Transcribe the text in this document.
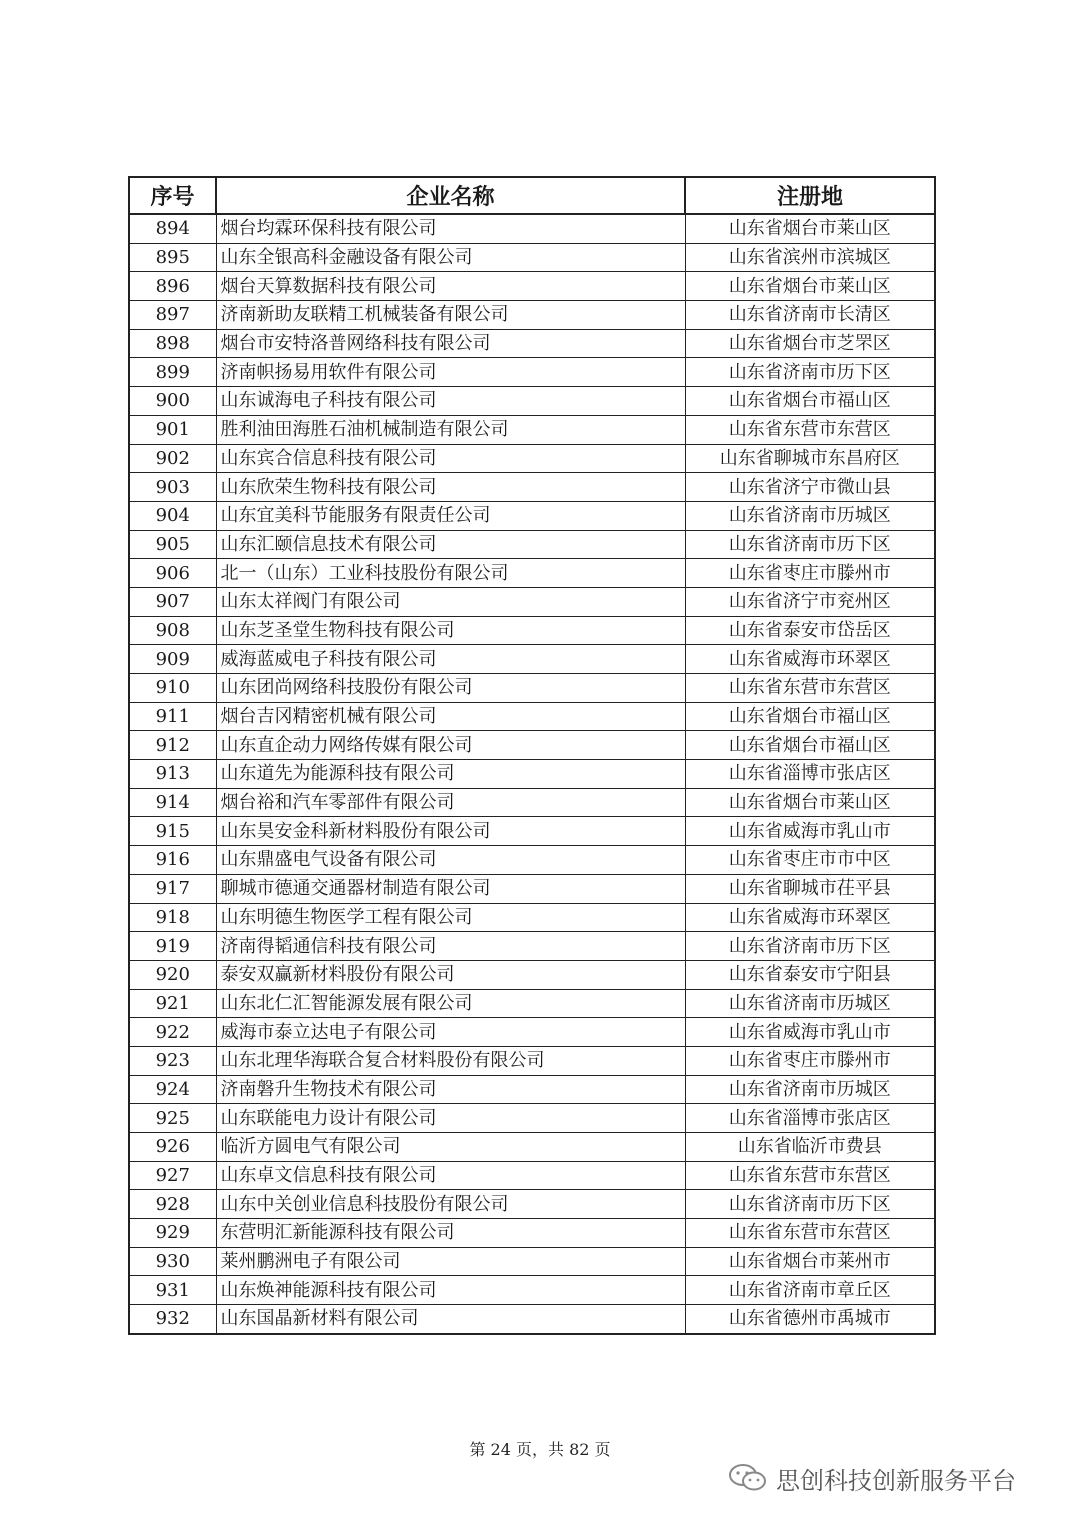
序号	企业名称	注册地
894	烟台均霖环保科技有限公司	山东省烟台市莱山区
895	山东全银高科金融设备有限公司	山东省滨州市滨城区
896	烟台天算数据科技有限公司	山东省烟台市莱山区
897	济南新助友联精工机械装备有限公司	山东省济南市长清区
898	烟台市安特洛普网络科技有限公司	山东省烟台市芝罘区
899	济南帜扬易用软件有限公司	山东省济南市历下区
900	山东诚海电子科技有限公司	山东省烟台市福山区
901	胜利油田海胜石油机械制造有限公司	山东省东营市东营区
902	山东宾合信息科技有限公司	山东省聊城市东昌府区
903	山东欣荣生物科技有限公司	山东省济宁市微山县
904	山东宜美科节能服务有限责任公司	山东省济南市历城区
905	山东汇颐信息技术有限公司	山东省济南市历下区
906	北一（山东）工业科技股份有限公司	山东省枣庄市滕州市
907	山东太祥阀门有限公司	山东省济宁市兖州区
908	山东芝圣堂生物科技有限公司	山东省泰安市岱岳区
909	威海蓝威电子科技有限公司	山东省威海市环翠区
910	山东团尚网络科技股份有限公司	山东省东营市东营区
911	烟台吉冈精密机械有限公司	山东省烟台市福山区
912	山东直企动力网络传媒有限公司	山东省烟台市福山区
913	山东道先为能源科技有限公司	山东省淄博市张店区
914	烟台裕和汽车零部件有限公司	山东省烟台市莱山区
915	山东昊安金科新材料股份有限公司	山东省威海市乳山市
916	山东鼎盛电气设备有限公司	山东省枣庄市市中区
917	聊城市德通交通器材制造有限公司	山东省聊城市茌平县
918	山东明德生物医学工程有限公司	山东省威海市环翠区
919	济南得韬通信科技有限公司	山东省济南市历下区
920	泰安双赢新材料股份有限公司	山东省泰安市宁阳县
921	山东北仁汇智能源发展有限公司	山东省济南市历城区
922	威海市泰立达电子有限公司	山东省威海市乳山市
923	山东北理华海联合复合材料股份有限公司	山东省枣庄市滕州市
924	济南磐升生物技术有限公司	山东省济南市历城区
925	山东联能电力设计有限公司	山东省淄博市张店区
926	临沂方圆电气有限公司	山东省临沂市费县
927	山东卓文信息科技有限公司	山东省东营市东营区
928	山东中关创业信息科技股份有限公司	山东省济南市历下区
929	东营明汇新能源科技有限公司	山东省东营市东营区
930	莱州鹏洲电子有限公司	山东省烟台市莱州市
931	山东焕神能源科技有限公司	山东省济南市章丘区
932	山东国晶新材料有限公司	山东省德州市禹城市
第 24 页，共 82 页
思创科技创新服务平台
